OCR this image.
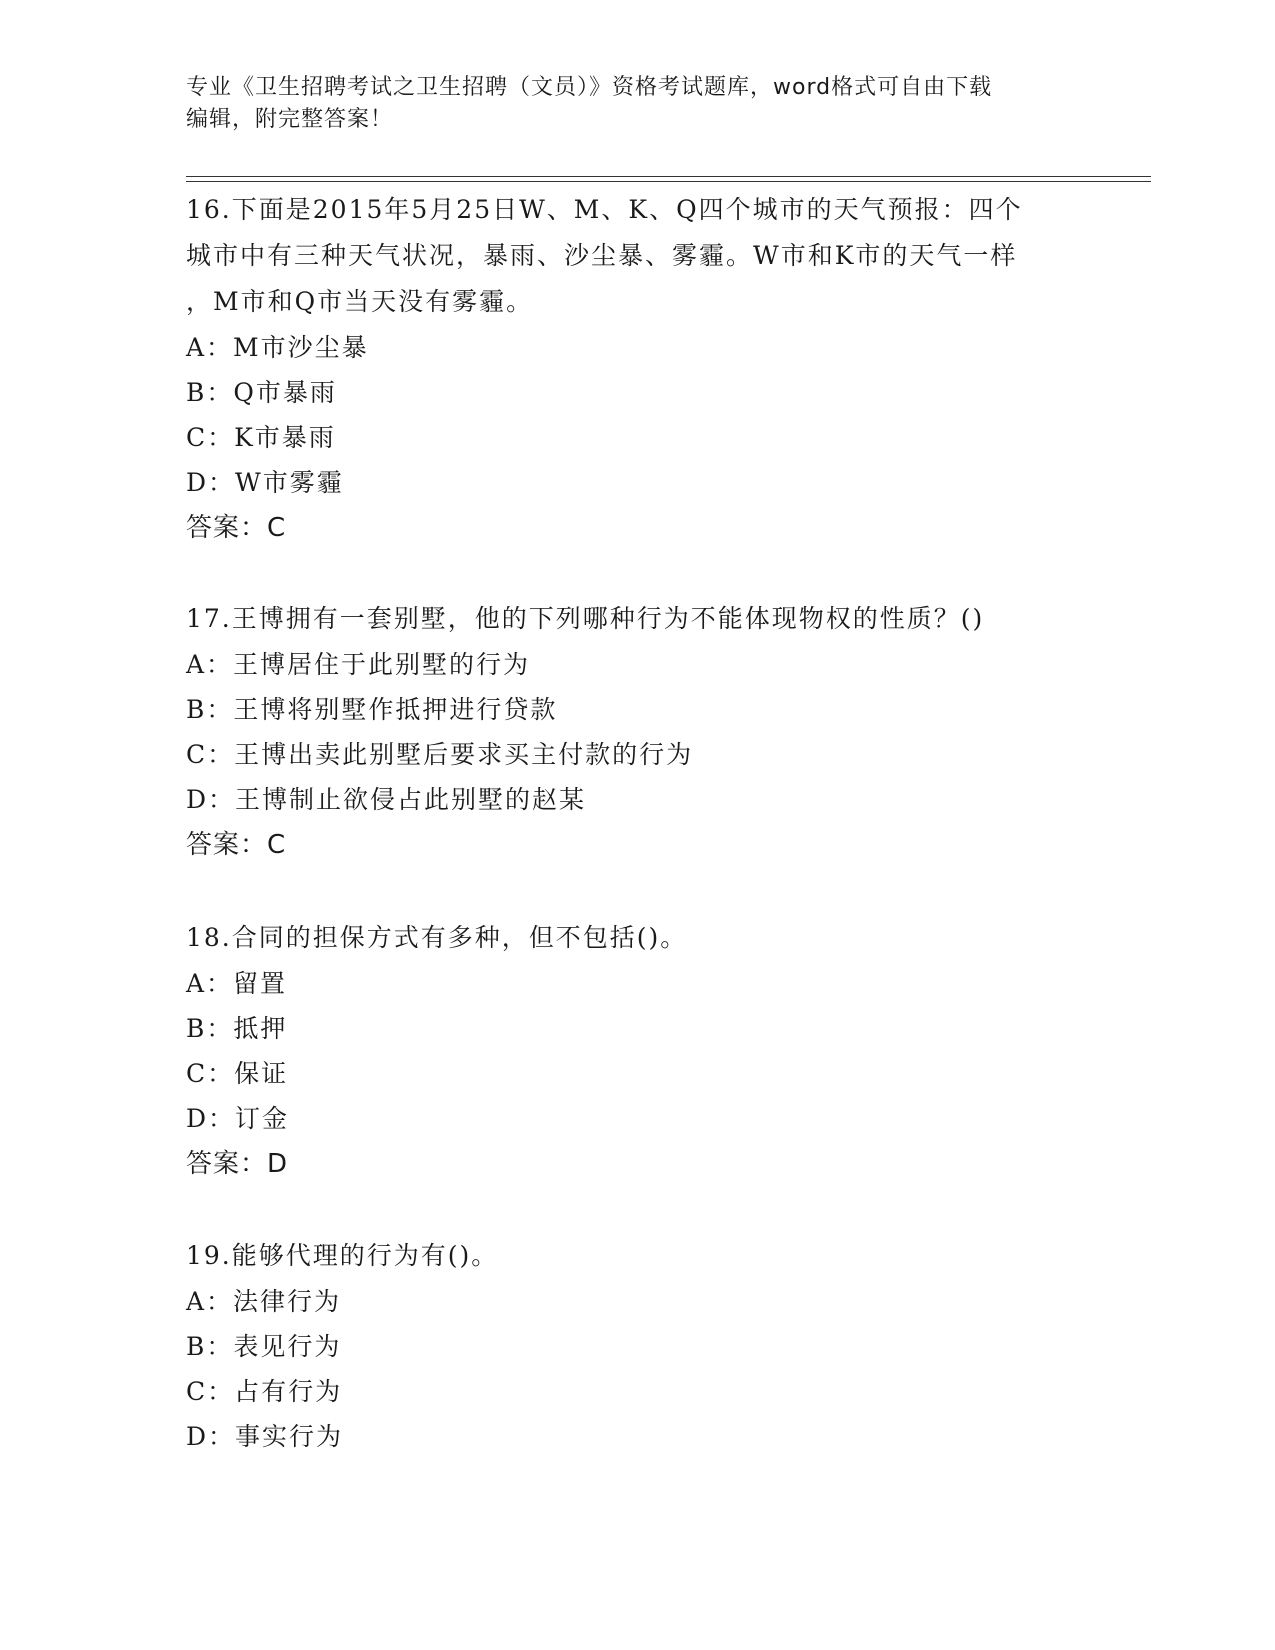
专业《卫生招聘考试之卫生招聘（文员）》资格考试题库，word格式可自由下载
编辑，附完整答案！

16.下面是2015年5月25日W、M、K、Q四个城市的天气预报：四个

城市中有三种天气状况，暴雨、沙尘暴、雾霾。W市和K市的天气一样

，M市和Q市当天没有雾霾。

A：M市沙尘暴

B：Q市暴雨

C：K市暴雨

D：W市雾霾

答案：C

17.王博拥有一套别墅，他的下列哪种行为不能体现物权的性质？()

A：王博居住于此别墅的行为

B：王博将别墅作抵押进行贷款

C：王博出卖此别墅后要求买主付款的行为

D：王博制止欲侵占此别墅的赵某

答案：C

18.合同的担保方式有多种，但不包括()。

A：留置

B：抵押

C：保证

D：订金

答案：D

19.能够代理的行为有()。

A：法律行为

B：表见行为

C：占有行为

D：事实行为
